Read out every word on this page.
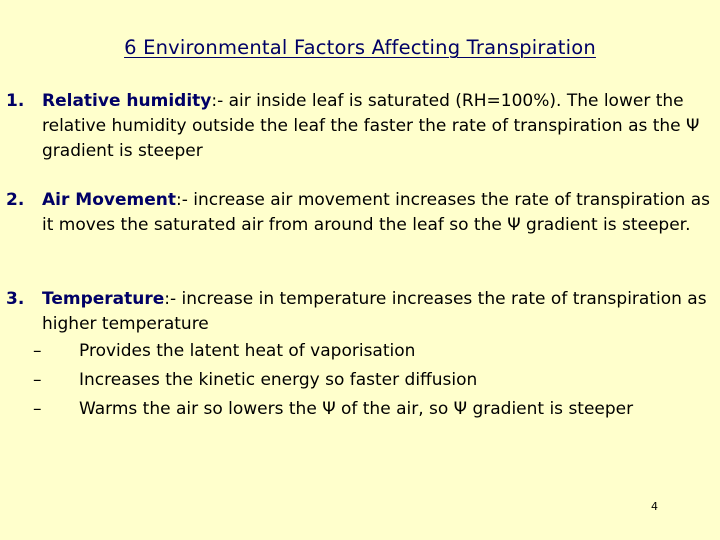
6 Environmental Factors Affecting Transpiration
1. Relative humidity:- air inside leaf is saturated (RH=100%). The lower the relative humidity outside the leaf the faster the rate of transpiration as the Ψ gradient is steeper
2. Air Movement:- increase air movement increases the rate of transpiration as it moves the saturated air from around the leaf so the Ψ gradient is steeper.
3. Temperature:- increase in temperature increases the rate of transpiration as higher temperature
– Provides the latent heat of vaporisation
– Increases the kinetic energy so faster diffusion
– Warms the air so lowers the Ψ of the air, so Ψ gradient is steeper
4
